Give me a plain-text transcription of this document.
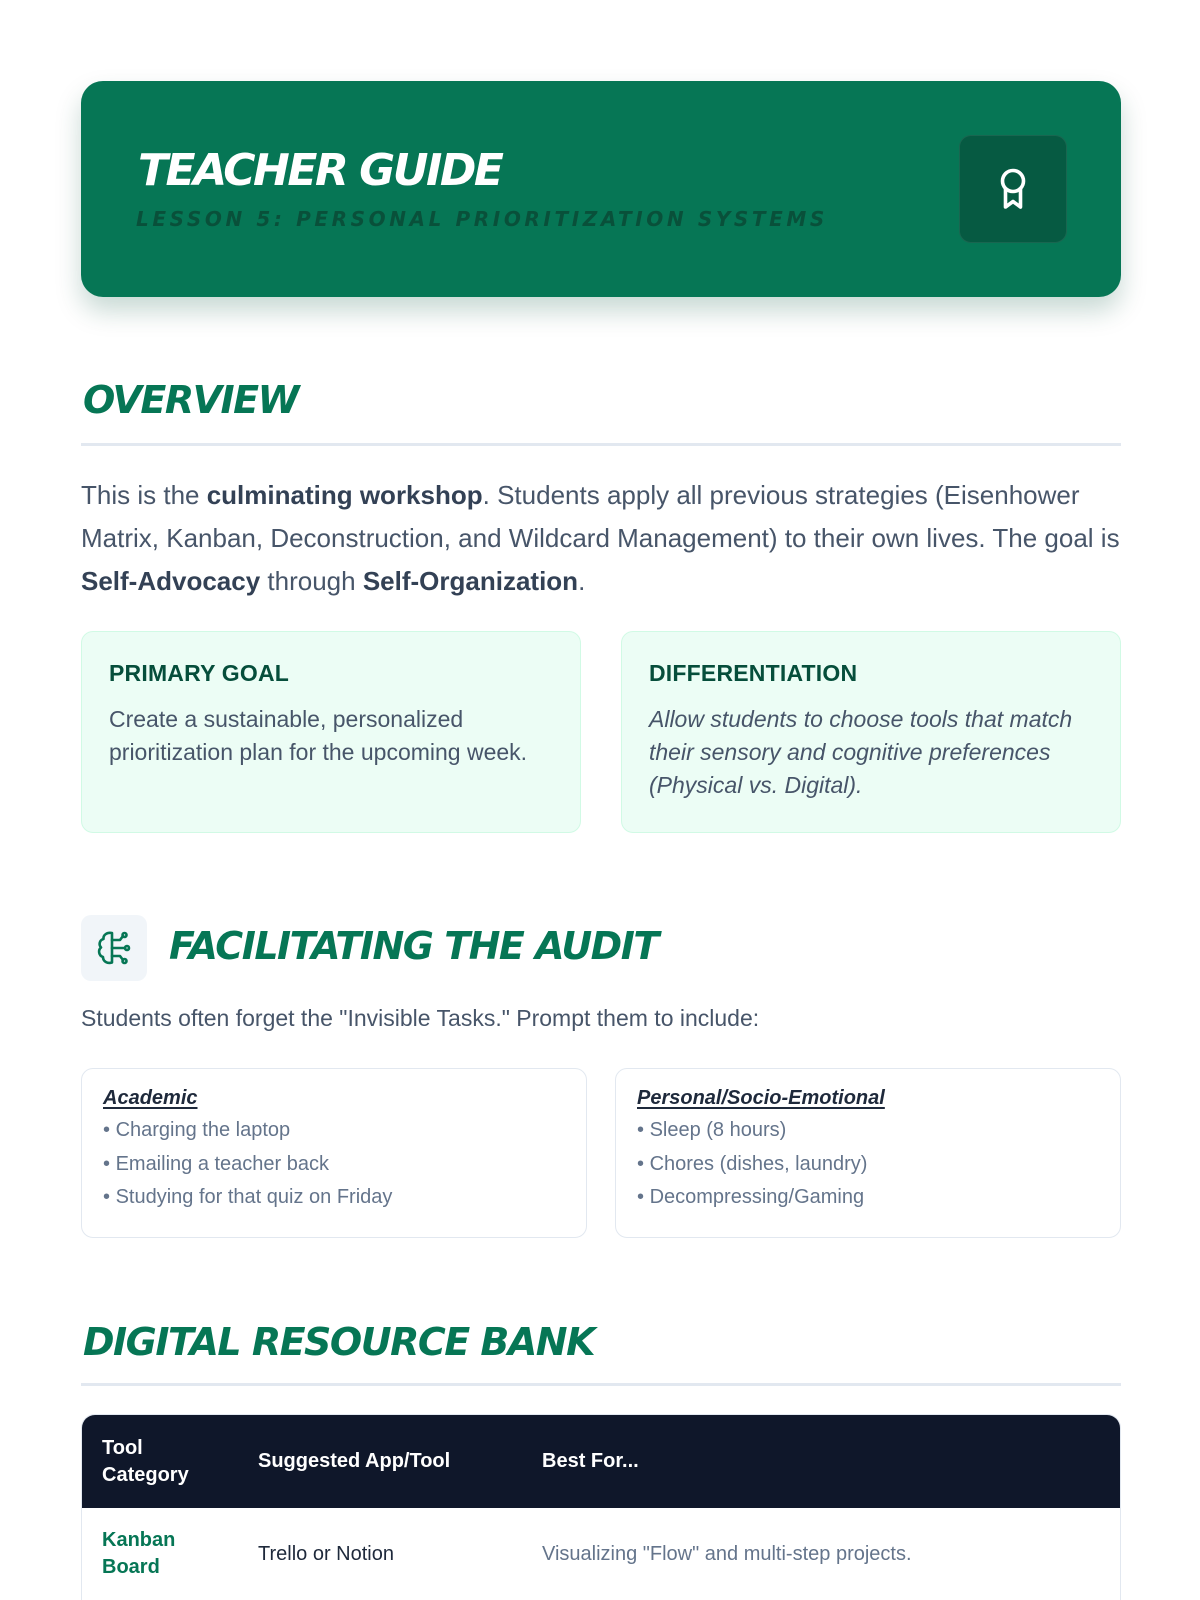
TEACHER GUIDE
LESSON 5: PERSONAL PRIORITIZATION SYSTEMS
OVERVIEW

This is the culminating workshop. Students apply all previous strategies (Eisenhower Matrix, Kanban, Deconstruction, and Wildcard Management) to their own lives. The goal is Self-Advocacy through Self-Organization.

PRIMARY GOAL
Create a sustainable, personalized prioritization plan for the upcoming week.
DIFFERENTIATION
Allow students to choose tools that match their sensory and cognitive preferences (Physical vs. Digital).
FACILITATING THE AUDIT
Students often forget the "Invisible Tasks." Prompt them to include:
Academic
• Charging the laptop
• Emailing a teacher back
• Studying for that quiz on Friday
Personal/Socio-Emotional
• Sleep (8 hours)
• Chores (dishes, laundry)
• Decompressing/Gaming
DIGITAL RESOURCE BANK
Tool Category	Suggested App/Tool	Best For...

Kanban Board	Trello or Notion	Visualizing "Flow" and multi-step projects.
